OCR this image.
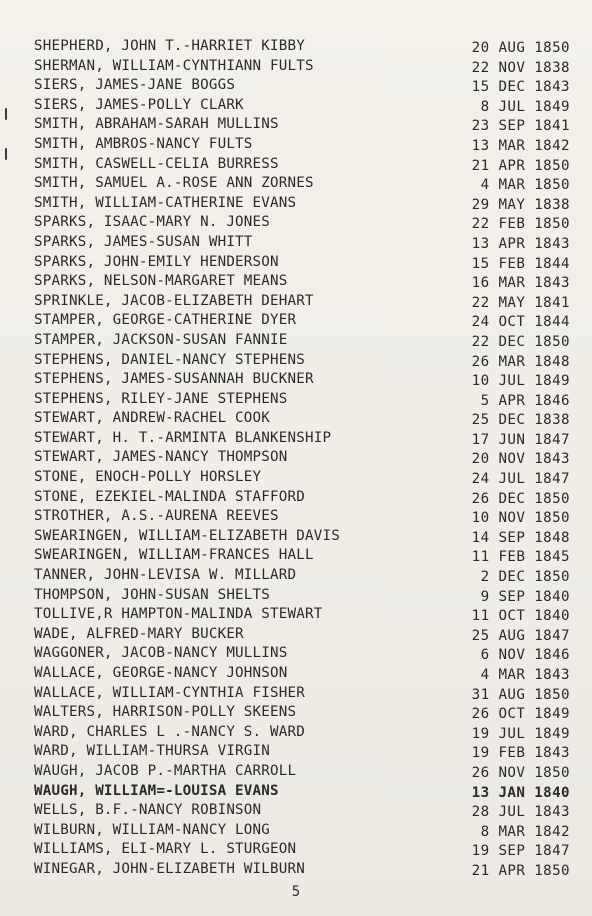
SHEPHERD, JOHN T.-HARRIET KIBBY	20 AUG 1850
SHERMAN, WILLIAM-CYNTHIANN FULTS	22 NOV 1838
SIERS, JAMES-JANE BOGGS	15 DEC 1843
SIERS, JAMES-POLLY CLARK	8 JUL 1849
SMITH, ABRAHAM-SARAH MULLINS	23 SEP 1841
SMITH, AMBROS-NANCY FULTS	13 MAR 1842
SMITH, CASWELL-CELIA BURRESS	21 APR 1850
SMITH, SAMUEL A.-ROSE ANN ZORNES	4 MAR 1850
SMITH, WILLIAM-CATHERINE EVANS	29 MAY 1838
SPARKS, ISAAC-MARY N. JONES	22 FEB 1850
SPARKS, JAMES-SUSAN WHITT	13 APR 1843
SPARKS, JOHN-EMILY HENDERSON	15 FEB 1844
SPARKS, NELSON-MARGARET MEANS	16 MAR 1843
SPRINKLE, JACOB-ELIZABETH DEHART	22 MAY 1841
STAMPER, GEORGE-CATHERINE DYER	24 OCT 1844
STAMPER, JACKSON-SUSAN FANNIE	22 DEC 1850
STEPHENS, DANIEL-NANCY STEPHENS	26 MAR 1848
STEPHENS, JAMES-SUSANNAH BUCKNER	10 JUL 1849
STEPHENS, RILEY-JANE STEPHENS	5 APR 1846
STEWART, ANDREW-RACHEL COOK	25 DEC 1838
STEWART, H. T.-ARMINTA BLANKENSHIP	17 JUN 1847
STEWART, JAMES-NANCY THOMPSON	20 NOV 1843
STONE, ENOCH-POLLY HORSLEY	24 JUL 1847
STONE, EZEKIEL-MALINDA STAFFORD	26 DEC 1850
STROTHER, A.S.-AURENA REEVES	10 NOV 1850
SWEARINGEN, WILLIAM-ELIZABETH DAVIS	14 SEP 1848
SWEARINGEN, WILLIAM-FRANCES HALL	11 FEB 1845
TANNER, JOHN-LEVISA W. MILLARD	2 DEC 1850
THOMPSON, JOHN-SUSAN SHELTS	9 SEP 1840
TOLLIVE,R HAMPTON-MALINDA STEWART	11 OCT 1840
WADE, ALFRED-MARY BUCKER	25 AUG 1847
WAGGONER, JACOB-NANCY MULLINS	6 NOV 1846
WALLACE, GEORGE-NANCY JOHNSON	4 MAR 1843
WALLACE, WILLIAM-CYNTHIA FISHER	31 AUG 1850
WALTERS, HARRISON-POLLY SKEENS	26 OCT 1849
WARD, CHARLES L .-NANCY S. WARD	19 JUL 1849
WARD, WILLIAM-THURSA VIRGIN	19 FEB 1843
WAUGH, JACOB P.-MARTHA CARROLL	26 NOV 1850
WAUGH, WILLIAM=-LOUISA EVANS	13 JAN 1840
WELLS, B.F.-NANCY ROBINSON	28 JUL 1843
WILBURN, WILLIAM-NANCY LONG	8 MAR 1842
WILLIAMS, ELI-MARY L. STURGEON	19 SEP 1847
WINEGAR, JOHN-ELIZABETH WILBURN	21 APR 1850
5
